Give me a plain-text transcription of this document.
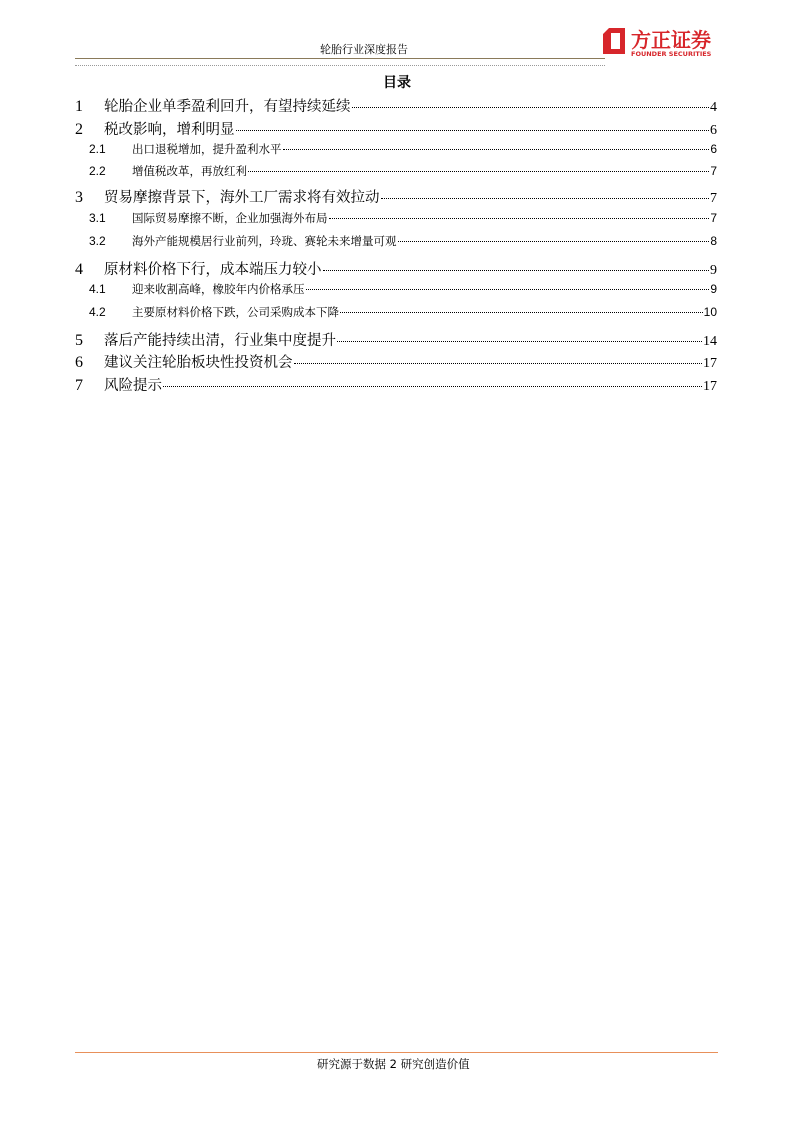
轮胎行业深度报告	方正证券
FOUNDER SECURITIES
目录
1	轮胎企业单季盈利回升，有望持续延续	4
2	税改影响，增利明显	6
2.1	出口退税增加，提升盈利水平	6
2.2	增值税改革，再放红利	7
3	贸易摩擦背景下，海外工厂需求将有效拉动	7
3.1	国际贸易摩擦不断，企业加强海外布局	7
3.2	海外产能规模居行业前列，玲珑、赛轮未来增量可观	8
4	原材料价格下行，成本端压力较小	9
4.1	迎来收割高峰，橡胶年内价格承压	9
4.2	主要原材料价格下跌，公司采购成本下降	10
5	落后产能持续出清，行业集中度提升	14
6	建议关注轮胎板块性投资机会	17
7	风险提示	17
研究源于数据 2 研究创造价值
